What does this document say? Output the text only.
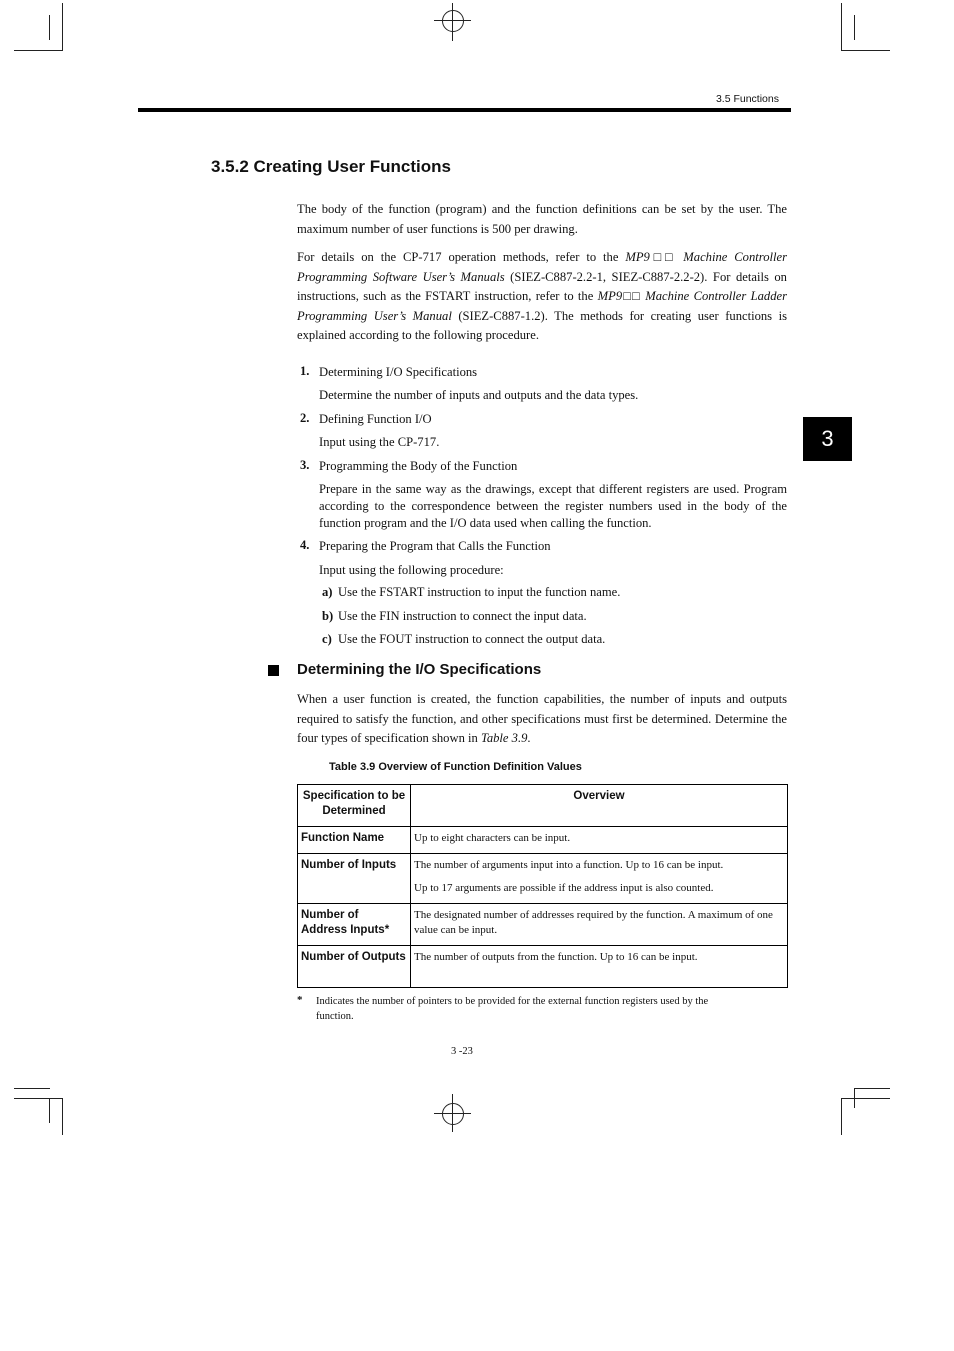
3.5 Functions
3
3.5.2 Creating User Functions
The body of the function (program) and the function definitions can be set by the user. The maximum number of user functions is 500 per drawing.
For details on the CP-717 operation methods, refer to the MP9□□ Machine Controller Programming Software User’s Manuals (SIEZ-C887-2.2-1, SIEZ-C887-2.2-2). For details on instructions, such as the FSTART instruction, refer to the MP9□□ Machine Controller Ladder Programming User’s Manual (SIEZ-C887-1.2). The methods for creating user functions is explained according to the following procedure.
1. Determining I/O Specifications
Determine the number of inputs and outputs and the data types.
2. Defining Function I/O
Input using the CP-717.
3. Programming the Body of the Function
Prepare in the same way as the drawings, except that different registers are used. Program according to the correspondence between the register numbers used in the body of the function program and the I/O data used when calling the function.
4. Preparing the Program that Calls the Function
Input using the following procedure:
a) Use the FSTART instruction to input the function name.
b) Use the FIN instruction to connect the input data.
c) Use the FOUT instruction to connect the output data.
Determining the I/O Specifications
When a user function is created, the function capabilities, the number of inputs and outputs required to satisfy the function, and other specifications must first be determined. Determine the four types of specification shown in Table 3.9.
Table 3.9 Overview of Function Definition Values
Specification to be Determined	Overview
Function Name	Up to eight characters can be input.

Number of Inputs	The number of arguments input into a function. Up to 16 can be input.
Up to 17 arguments are possible if the address input is also counted.

Number of Address Inputs*	The designated number of addresses required by the function. A maximum of one value can be input.

Number of Outputs	The number of outputs from the function. Up to 16 can be input.
* Indicates the number of pointers to be provided for the external function registers used by the function.
3 -23
